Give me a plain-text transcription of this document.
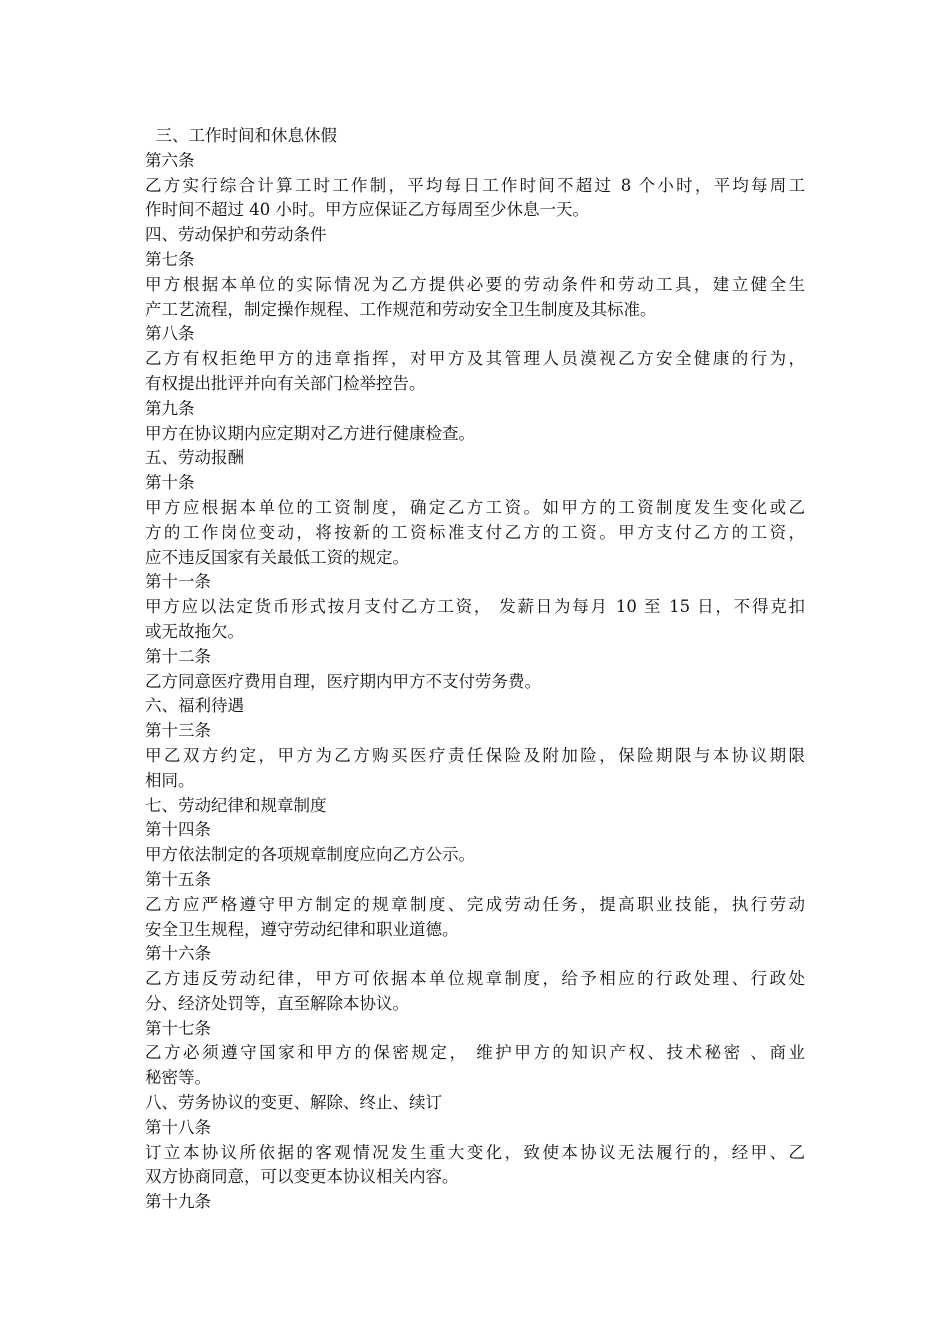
三、工作时间和休息休假
第六条
乙方实行综合计算工时工作制，平均每日工作时间不超过 8 个小时，平均每周工
作时间不超过 40 小时。甲方应保证乙方每周至少休息一天。
四、劳动保护和劳动条件
第七条
甲方根据本单位的实际情况为乙方提供必要的劳动条件和劳动工具，建立健全生
产工艺流程，制定操作规程、工作规范和劳动安全卫生制度及其标准。
第八条
乙方有权拒绝甲方的违章指挥，对甲方及其管理人员漠视乙方安全健康的行为，
有权提出批评并向有关部门检举控告。
第九条
甲方在协议期内应定期对乙方进行健康检查。
五、劳动报酬
第十条
甲方应根据本单位的工资制度，确定乙方工资。如甲方的工资制度发生变化或乙
方的工作岗位变动，将按新的工资标准支付乙方的工资。甲方支付乙方的工资，
应不违反国家有关最低工资的规定。
第十一条
甲方应以法定货币形式按月支付乙方工资， 发薪日为每月 10 至 15 日，不得克扣
或无故拖欠。
第十二条
乙方同意医疗费用自理，医疗期内甲方不支付劳务费。
六、福利待遇
第十三条
甲乙双方约定，甲方为乙方购买医疗责任保险及附加险，保险期限与本协议期限
相同。
七、劳动纪律和规章制度
第十四条
甲方依法制定的各项规章制度应向乙方公示。
第十五条
乙方应严格遵守甲方制定的规章制度、完成劳动任务，提高职业技能，执行劳动
安全卫生规程，遵守劳动纪律和职业道德。
第十六条
乙方违反劳动纪律，甲方可依据本单位规章制度，给予相应的行政处理、行政处
分、经济处罚等，直至解除本协议。
第十七条
乙方必须遵守国家和甲方的保密规定， 维护甲方的知识产权、技术秘密 、商业
秘密等。
八、劳务协议的变更、解除、终止、续订
第十八条
订立本协议所依据的客观情况发生重大变化，致使本协议无法履行的，经甲、乙
双方协商同意，可以变更本协议相关内容。
第十九条
